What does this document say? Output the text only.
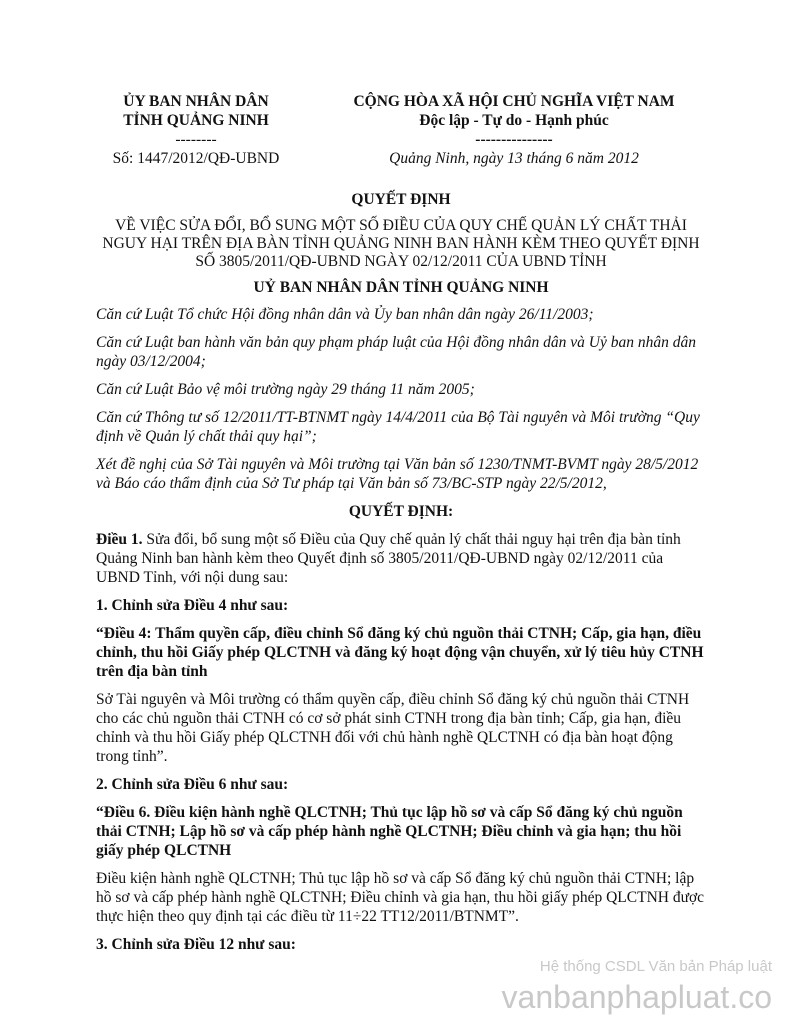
ỦY BAN NHÂN DÂN
TỈNH QUẢNG NINH
--------
Số: 1447/2012/QĐ-UBND
CỘNG HÒA XÃ HỘI CHỦ NGHĨA VIỆT NAM
Độc lập - Tự do - Hạnh phúc
---------------
Quảng Ninh, ngày 13 tháng 6 năm 2012

QUYẾT ĐỊNH

VỀ VIỆC SỬA ĐỔI, BỔ SUNG MỘT SỐ ĐIỀU CỦA QUY CHẾ QUẢN LÝ CHẤT THẢI NGUY HẠI TRÊN ĐỊA BÀN TỈNH QUẢNG NINH BAN HÀNH KÈM THEO QUYẾT ĐỊNH SỐ 3805/2011/QĐ-UBND NGÀY 02/12/2011 CỦA UBND TỈNH

UỶ BAN NHÂN DÂN TỈNH QUẢNG NINH

Căn cứ Luật Tổ chức Hội đồng nhân dân và Ủy ban nhân dân ngày 26/11/2003;

Căn cứ Luật ban hành văn bản quy phạm pháp luật của Hội đồng nhân dân và Uỷ ban nhân dân ngày 03/12/2004;

Căn cứ Luật Bảo vệ môi trường ngày 29 tháng 11 năm 2005;

Căn cứ Thông tư số 12/2011/TT-BTNMT ngày 14/4/2011 của Bộ Tài nguyên và Môi trường “Quy định về Quản lý chất thải quy hại”;

Xét đề nghị của Sở Tài nguyên và Môi trường tại Văn bản số 1230/TNMT-BVMT ngày 28/5/2012 và Báo cáo thẩm định của Sở Tư pháp tại Văn bản số 73/BC-STP ngày 22/5/2012,

QUYẾT ĐỊNH:

Điều 1. Sửa đổi, bổ sung một số Điều của Quy chế quản lý chất thải nguy hại trên địa bàn tỉnh Quảng Ninh ban hành kèm theo Quyết định số 3805/2011/QĐ-UBND ngày 02/12/2011 của UBND Tỉnh, với nội dung sau:

1. Chỉnh sửa Điều 4 như sau:

“Điều 4: Thẩm quyền cấp, điều chỉnh Sổ đăng ký chủ nguồn thải CTNH; Cấp, gia hạn, điều chỉnh, thu hồi Giấy phép QLCTNH và đăng ký hoạt động vận chuyển, xử lý tiêu hủy CTNH trên địa bàn tỉnh

Sở Tài nguyên và Môi trường có thẩm quyền cấp, điều chỉnh Sổ đăng ký chủ nguồn thải CTNH cho các chủ nguồn thải CTNH có cơ sở phát sinh CTNH trong địa bàn tỉnh; Cấp, gia hạn, điều chỉnh và thu hồi Giấy phép QLCTNH đối với chủ hành nghề QLCTNH có địa bàn hoạt động trong tỉnh”.

2. Chỉnh sửa Điều 6 như sau:

“Điều 6. Điều kiện hành nghề QLCTNH; Thủ tục lập hồ sơ và cấp Sổ đăng ký chủ nguồn thải CTNH; Lập hồ sơ và cấp phép hành nghề QLCTNH; Điều chỉnh và gia hạn; thu hồi giấy phép QLCTNH

Điều kiện hành nghề QLCTNH; Thủ tục lập hồ sơ và cấp Sổ đăng ký chủ nguồn thải CTNH; lập hồ sơ và cấp phép hành nghề QLCTNH; Điều chỉnh và gia hạn, thu hồi giấy phép QLCTNH được thực hiện theo quy định tại các điều từ 11÷22 TT12/2011/BTNMT”.

3. Chỉnh sửa Điều 12 như sau:

Hệ thống CSDL Văn bản Pháp luật
vanbanphapluat.co
